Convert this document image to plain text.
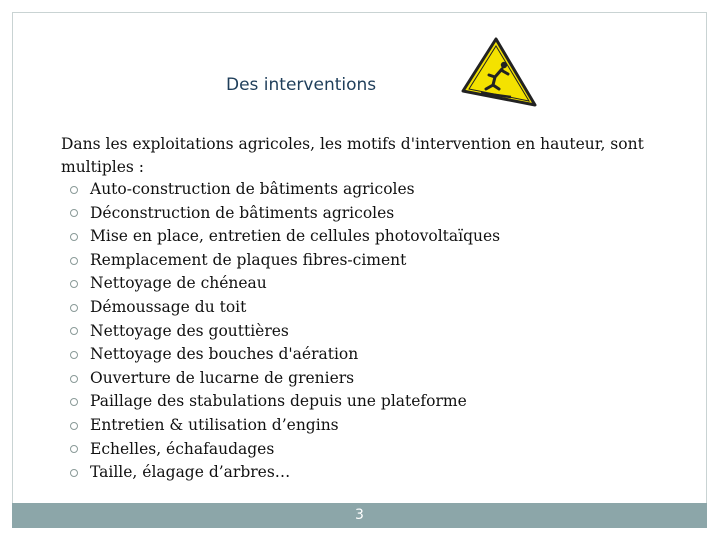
Des interventions

Dans les exploitations agricoles, les motifs d'intervention en hauteur, sont multiples :

Auto-construction de bâtiments agricoles
Déconstruction de bâtiments agricoles
Mise en place, entretien de cellules photovoltaïques
Remplacement de plaques fibres-ciment
Nettoyage de chéneau
Démoussage du toit
Nettoyage des gouttières
Nettoyage des bouches d'aération
Ouverture de lucarne de greniers
Paillage des stabulations depuis une plateforme
Entretien & utilisation d’engins
Echelles, échafaudages
Taille, élagage d’arbres…
3
